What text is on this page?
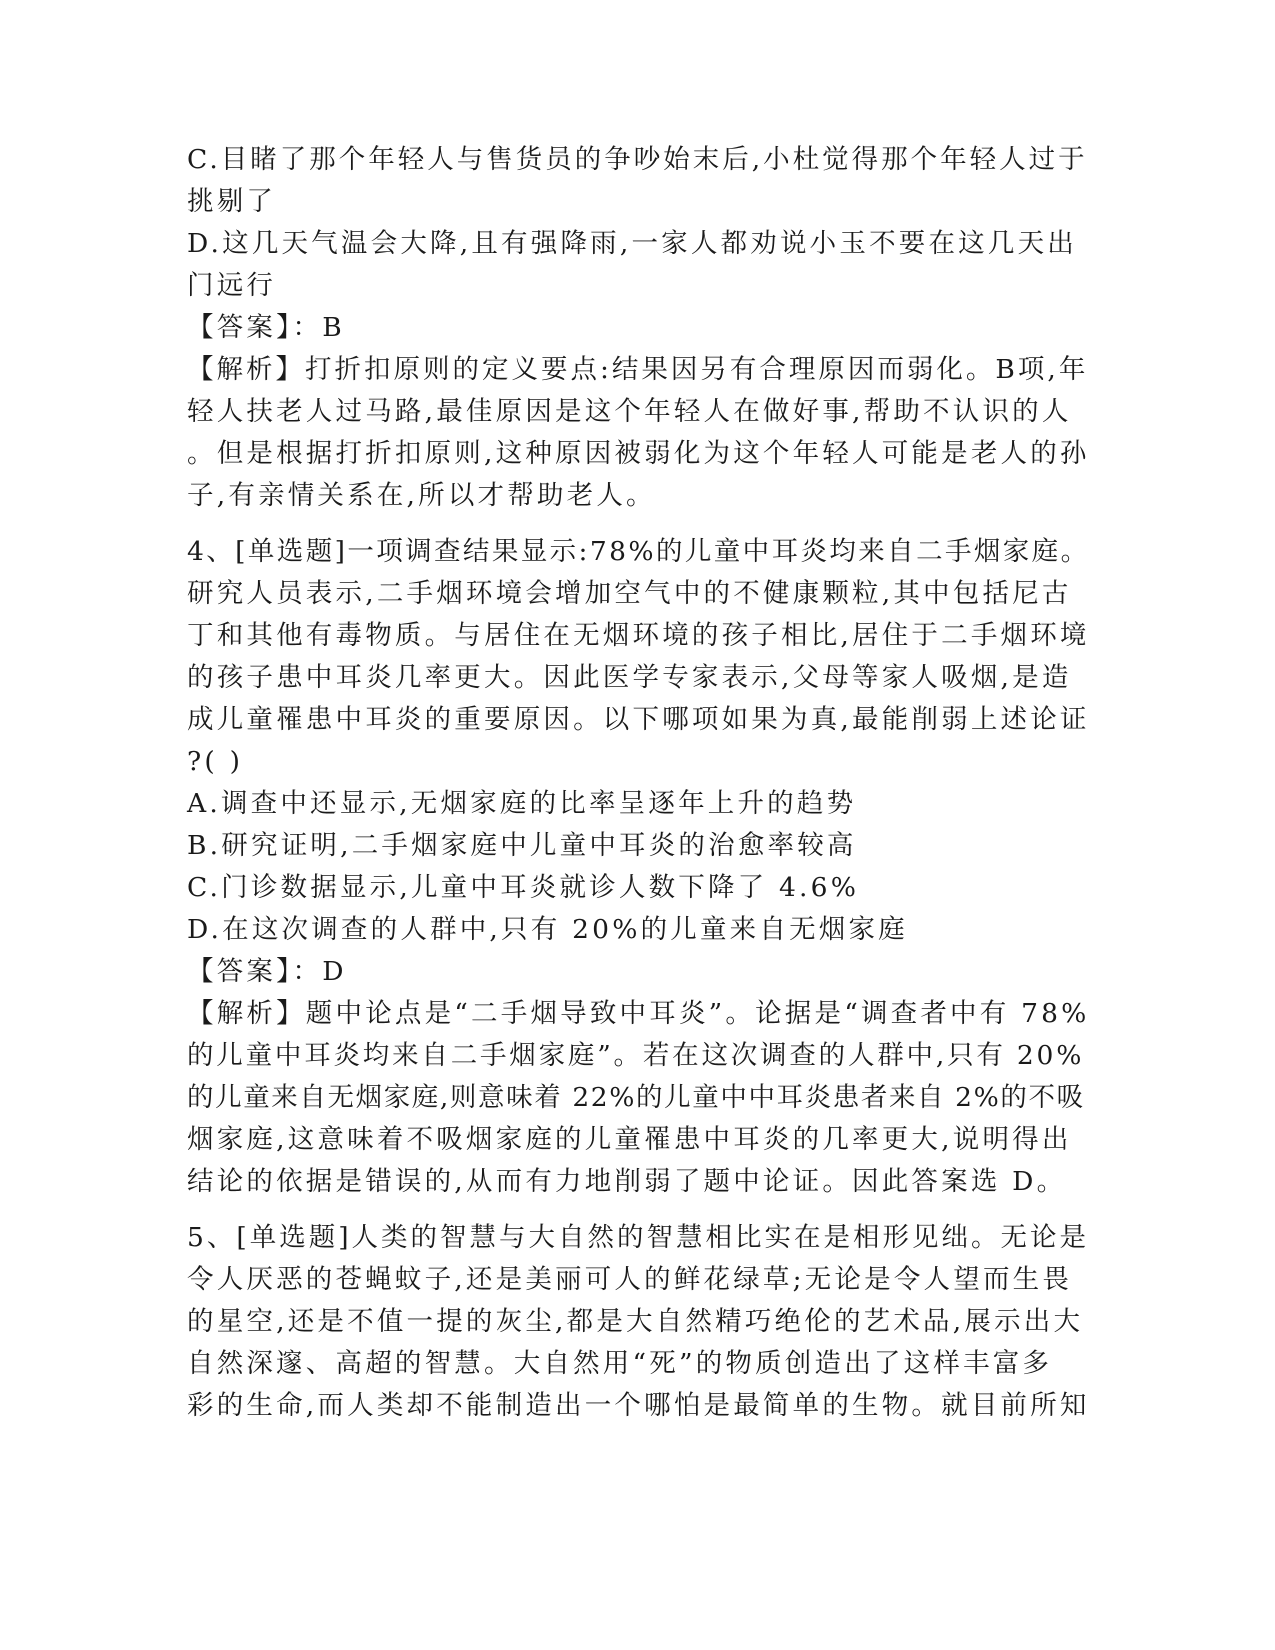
C.目睹了那个年轻人与售货员的争吵始末后,小杜觉得那个年轻人过于
挑剔了
D.这几天气温会大降,且有强降雨,一家人都劝说小玉不要在这几天出
门远行
【答案】：B
【解析】打折扣原则的定义要点:结果因另有合理原因而弱化。B项,年
轻人扶老人过马路,最佳原因是这个年轻人在做好事,帮助不认识的人
。但是根据打折扣原则,这种原因被弱化为这个年轻人可能是老人的孙
子,有亲情关系在,所以才帮助老人。
4、[单选题]一项调查结果显示:78%的儿童中耳炎均来自二手烟家庭。
研究人员表示,二手烟环境会增加空气中的不健康颗粒,其中包括尼古
丁和其他有毒物质。与居住在无烟环境的孩子相比,居住于二手烟环境
的孩子患中耳炎几率更大。因此医学专家表示,父母等家人吸烟,是造
成儿童罹患中耳炎的重要原因。以下哪项如果为真,最能削弱上述论证
?( )
A.调查中还显示,无烟家庭的比率呈逐年上升的趋势
B.研究证明,二手烟家庭中儿童中耳炎的治愈率较高
C.门诊数据显示,儿童中耳炎就诊人数下降了 4.6%
D.在这次调查的人群中,只有 20%的儿童来自无烟家庭
【答案】：D
【解析】题中论点是“二手烟导致中耳炎”。论据是“调查者中有 78%
的儿童中耳炎均来自二手烟家庭”。若在这次调查的人群中,只有 20%
的儿童来自无烟家庭,则意味着 22%的儿童中中耳炎患者来自 2%的不吸
烟家庭,这意味着不吸烟家庭的儿童罹患中耳炎的几率更大,说明得出
结论的依据是错误的,从而有力地削弱了题中论证。因此答案选 D。
5、[单选题]人类的智慧与大自然的智慧相比实在是相形见绌。无论是
令人厌恶的苍蝇蚊子,还是美丽可人的鲜花绿草;无论是令人望而生畏
的星空,还是不值一提的灰尘,都是大自然精巧绝伦的艺术品,展示出大
自然深邃、高超的智慧。大自然用“死”的物质创造出了这样丰富多
彩的生命,而人类却不能制造出一个哪怕是最简单的生物。就目前所知
